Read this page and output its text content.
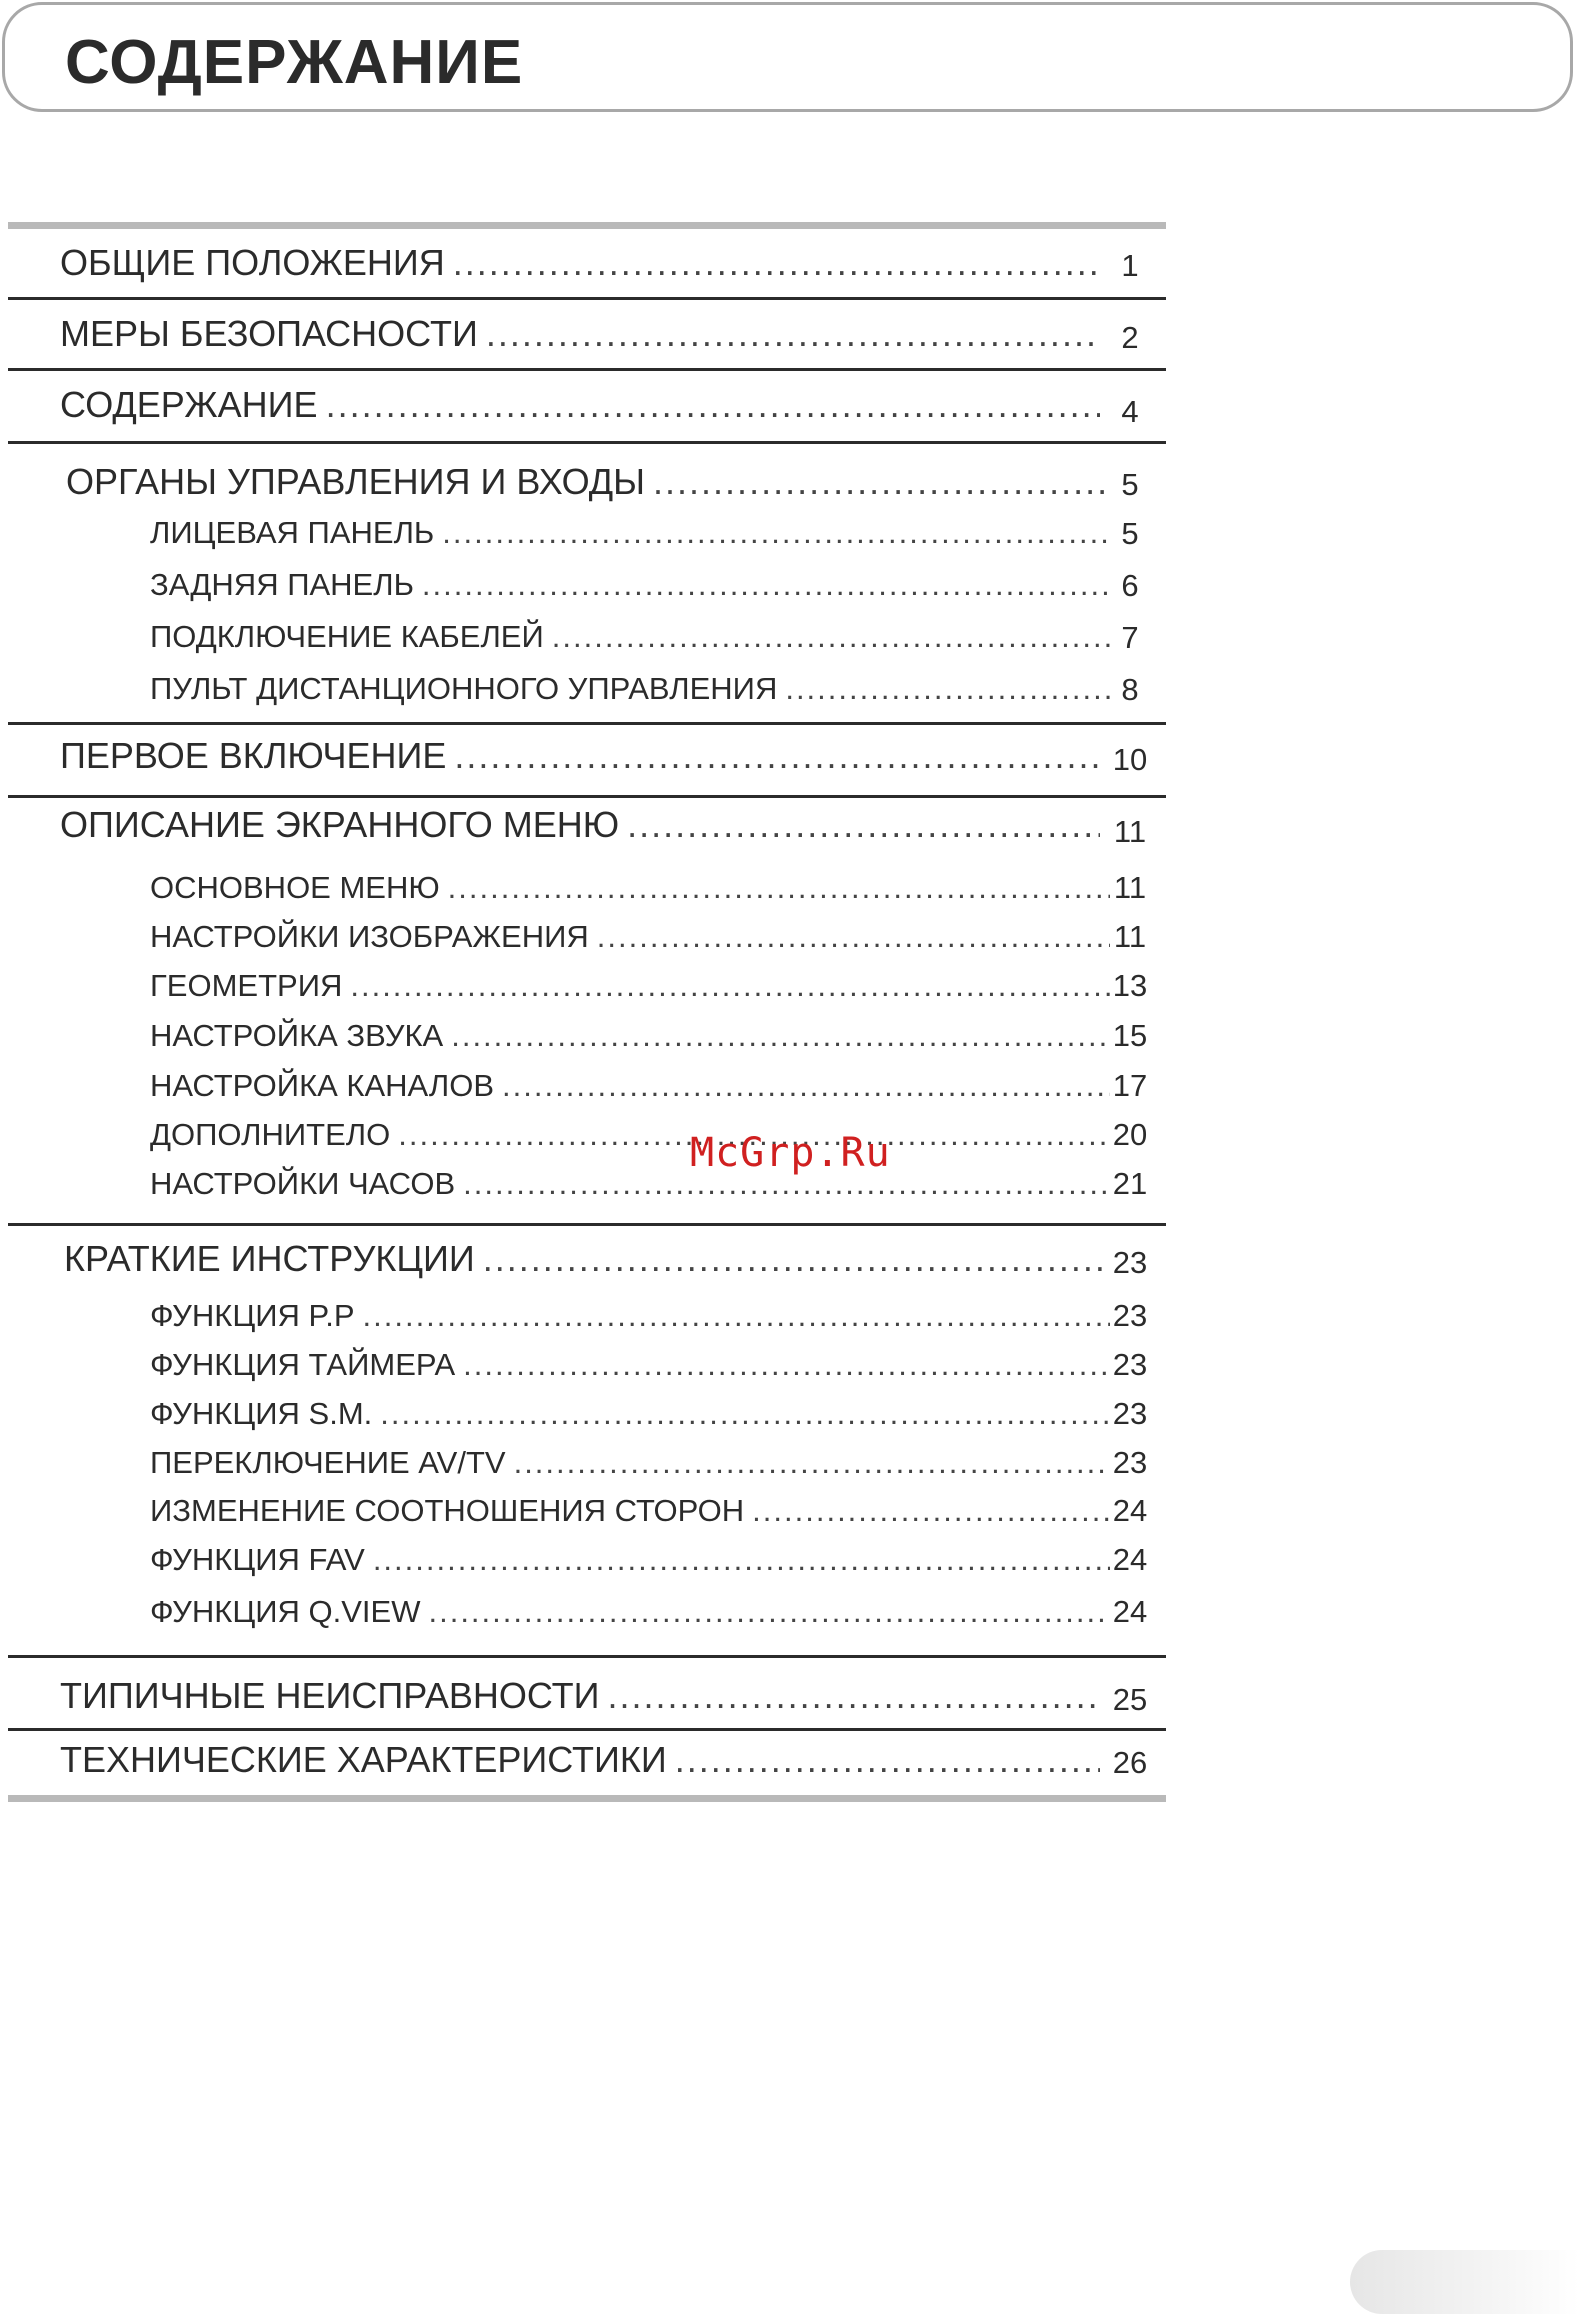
СОДЕРЖАНИЕ
ОБЩИЕ ПОЛОЖЕНИЯ .....	1
МЕРЫ БЕЗОПАСНОСТИ .....	2
СОДЕРЖАНИЕ .....	4
ОРГАНЫ УПРАВЛЕНИЯ И ВХОДЫ .....	5
ЛИЦЕВАЯ ПАНЕЛЬ .....	5
ЗАДНЯЯ ПАНЕЛЬ .....	6
ПОДКЛЮЧЕНИЕ КАБЕЛЕЙ .....	7
ПУЛЬТ ДИСТАНЦИОННОГО УПРАВЛЕНИЯ .....	8
ПЕРВОЕ ВКЛЮЧЕНИЕ .....	10
ОПИСАНИЕ ЭКРАННОГО МЕНЮ .....	11
ОСНОВНОЕ МЕНЮ .....	11
НАСТРОЙКИ ИЗОБРАЖЕНИЯ .....	11
ГЕОМЕТРИЯ .....	13
НАСТРОЙКА ЗВУКА .....	15
НАСТРОЙКА КАНАЛОВ .....	17
ДОПОЛНИТЕЛО .....	20
НАСТРОЙКИ ЧАСОВ .....	21
КРАТКИЕ ИНСТРУКЦИИ .....	23
ФУНКЦИЯ P.P .....	23
ФУНКЦИЯ ТАЙМЕРА .....	23
ФУНКЦИЯ S.M. .....	23
ПЕРЕКЛЮЧЕНИЕ AV/TV .....	23
ИЗМЕНЕНИЕ СООТНОШЕНИЯ СТОРОН .....	24
ФУНКЦИЯ FAV .....	24
ФУНКЦИЯ Q.VIEW .....	24
ТИПИЧНЫЕ НЕИСПРАВНОСТИ .....	25
ТЕХНИЧЕСКИЕ ХАРАКТЕРИСТИКИ .....	26
McGrp.Ru
